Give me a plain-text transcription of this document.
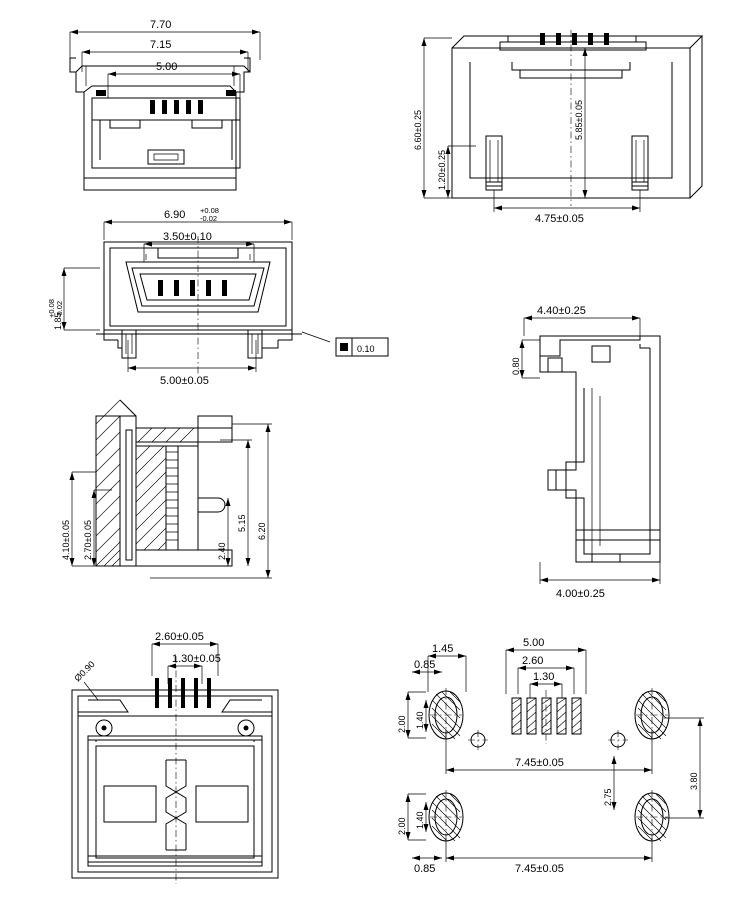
7.70
7.15
5.00
6.60±0.25
1.20±0.25
5.85±0.05
4.75±0.05
6.90 +0.08
-0.02
3.50±0.10
1.85
+0.08 -0.02
5.00±0.05
0.10
4.40±0.25
0.80
4.00±0.25
4.10±0.05 2.70±0.05	2.40
5.15 6.20
2.60±0.05
1.30±0.05
Ø0.90
5.00
2.60
1.30
1.45
0.85
2.00 1.40
2.00 1.40
0.85
7.45±0.05
7.45±0.05
2.75
3.80
